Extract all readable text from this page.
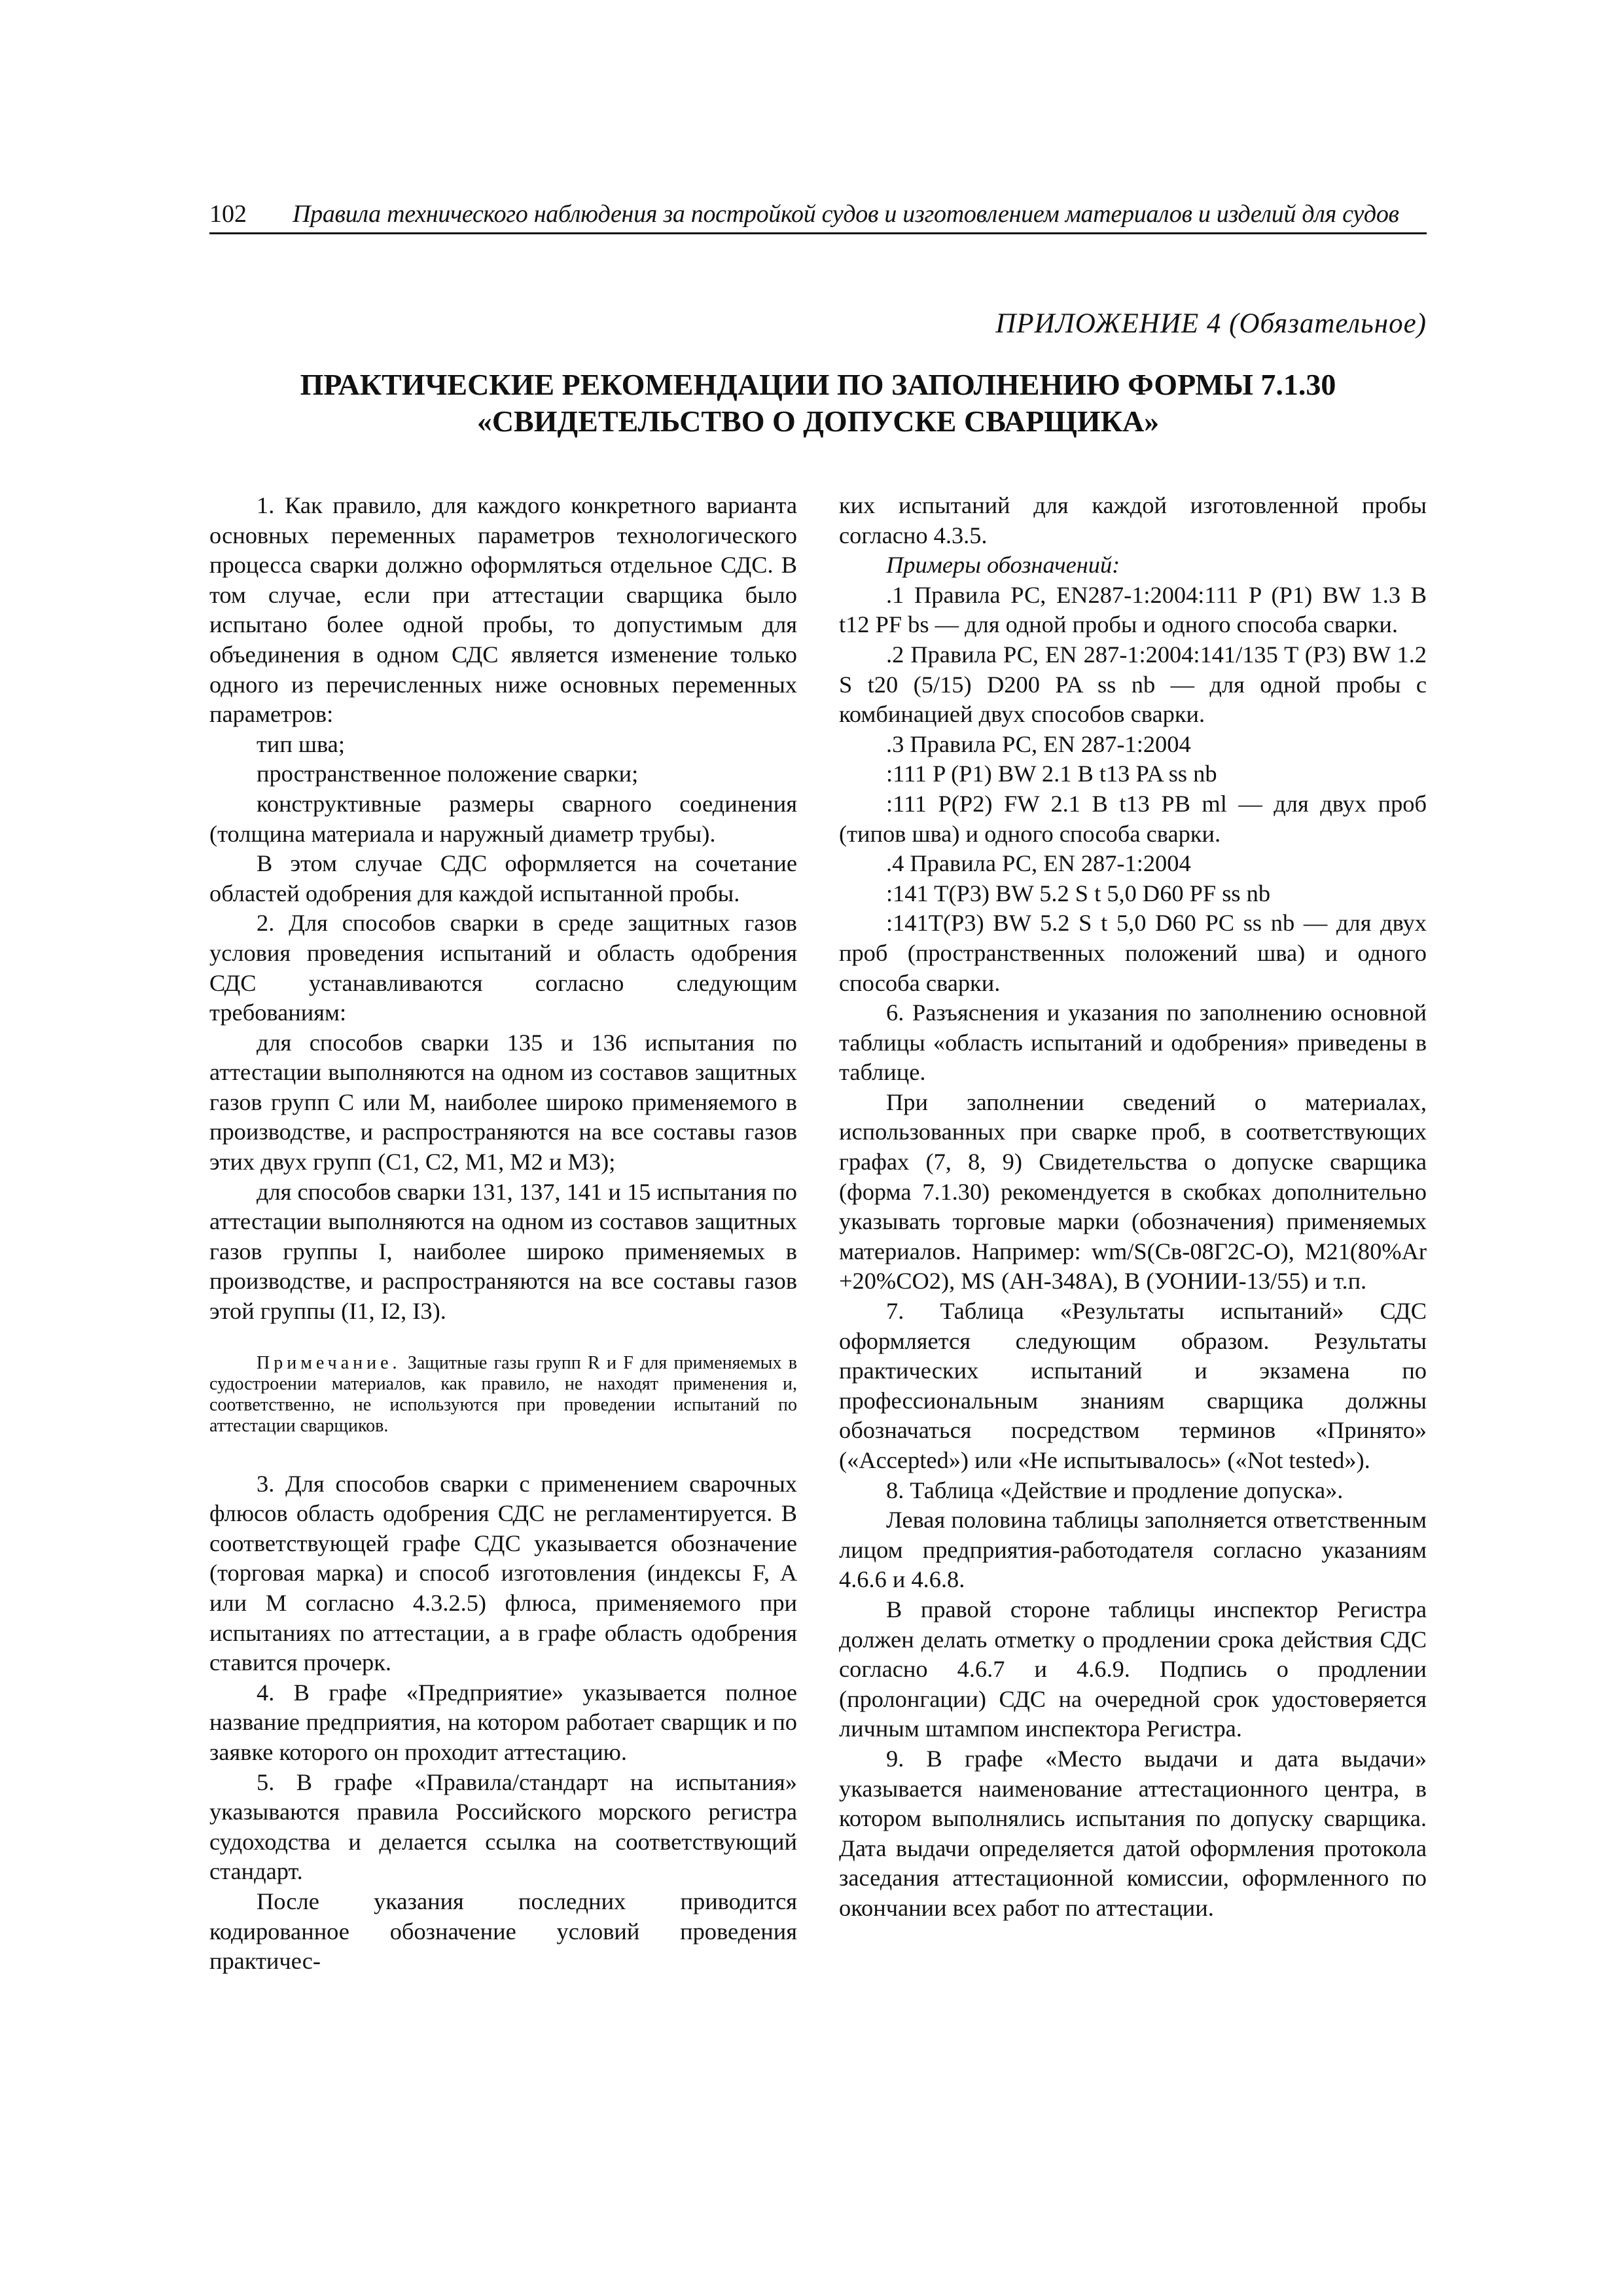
102 Правила технического наблюдения за постройкой судов и изготовлением материалов и изделий для судов
ПРИЛОЖЕНИЕ 4 (Обязательное)
ПРАКТИЧЕСКИЕ РЕКОМЕНДАЦИИ ПО ЗАПОЛНЕНИЮ ФОРМЫ 7.1.30
«СВИДЕТЕЛЬСТВО О ДОПУСКЕ СВАРЩИКА»

1. Как правило, для каждого конкретного варианта основных переменных параметров технологического процесса сварки должно оформляться отдельное СДС. В том случае, если при аттестации сварщика было испытано более одной пробы, то допустимым для объединения в одном СДС является изменение только одного из перечисленных ниже основных переменных параметров:

тип шва;

пространственное положение сварки;

конструктивные размеры сварного соединения (толщина материала и наружный диаметр трубы).

В этом случае СДС оформляется на сочетание областей одобрения для каждой испытанной пробы.

2. Для способов сварки в среде защитных газов условия проведения испытаний и область одобрения СДС устанавливаются согласно следующим требованиям:

для способов сварки 135 и 136 испытания по аттестации выполняются на одном из составов защитных газов групп С или М, наиболее широко применяемого в производстве, и распространяются на все составы газов этих двух групп (С1, С2, М1, М2 и М3);

для способов сварки 131, 137, 141 и 15 испытания по аттестации выполняются на одном из составов защитных газов группы I, наиболее широко применяемых в производстве, и распространяются на все составы газов этой группы (I1, I2, I3).

Примечание. Защитные газы групп R и F для применяемых в судостроении материалов, как правило, не находят применения и, соответственно, не используются при проведении испытаний по аттестации сварщиков.

3. Для способов сварки с применением сварочных флюсов область одобрения СДС не регламентируется. В соответствующей графе СДС указывается обозначение (торговая марка) и способ изготовления (индексы F, A или M согласно 4.3.2.5) флюса, применяемого при испытаниях по аттестации, а в графе область одобрения ставится прочерк.

4. В графе «Предприятие» указывается полное название предприятия, на котором работает сварщик и по заявке которого он проходит аттестацию.

5. В графе «Правила/стандарт на испытания» указываются правила Российского морского регистра судоходства и делается ссылка на соответствующий стандарт.

После указания последних приводится кодированное обозначение условий проведения практичес-

ких испытаний для каждой изготовленной пробы согласно 4.3.5.

Примеры обозначений:

.1 Правила РС, EN287-1:2004:111 P (P1) BW 1.3 B t12 PF bs — для одной пробы и одного способа сварки.

.2 Правила РС, EN 287-1:2004:141/135 T (P3) BW 1.2 S t20 (5/15) D200 PA ss nb — для одной пробы с комбинацией двух способов сварки.

.3 Правила РС, EN 287-1:2004

:111 P (P1) BW 2.1 B t13 PA ss nb

:111 P(P2) FW 2.1 B t13 PB ml — для двух проб (типов шва) и одного способа сварки.

.4 Правила РС, EN 287-1:2004

:141 T(P3) BW 5.2 S t 5,0 D60 PF ss nb

:141T(P3) BW 5.2 S t 5,0 D60 PC ss nb — для двух проб (пространственных положений шва) и одного способа сварки.

6. Разъяснения и указания по заполнению основной таблицы «область испытаний и одобрения» приведены в таблице.

При заполнении сведений о материалах, использованных при сварке проб, в соответствующих графах (7, 8, 9) Свидетельства о допуске сварщика (форма 7.1.30) рекомендуется в скобках дополнительно указывать торговые марки (обозначения) применяемых материалов. Например: wm/S(Св-08Г2С-О), M21(80%Ar +20%CO2), MS (АН-348А), B (УОНИИ-13/55) и т.п.

7. Таблица «Результаты испытаний» СДС оформляется следующим образом. Результаты практических испытаний и экзамена по профессиональным знаниям сварщика должны обозначаться посредством терминов «Принято» («Accepted») или «Не испытывалось» («Not tested»).

8. Таблица «Действие и продление допуска».

Левая половина таблицы заполняется ответственным лицом предприятия-работодателя согласно указаниям 4.6.6 и 4.6.8.

В правой стороне таблицы инспектор Регистра должен делать отметку о продлении срока действия СДС согласно 4.6.7 и 4.6.9. Подпись о продлении (пролонгации) СДС на очередной срок удостоверяется личным штампом инспектора Регистра.

9. В графе «Место выдачи и дата выдачи» указывается наименование аттестационного центра, в котором выполнялись испытания по допуску сварщика. Дата выдачи определяется датой оформления протокола заседания аттестационной комиссии, оформленного по окончании всех работ по аттестации.
